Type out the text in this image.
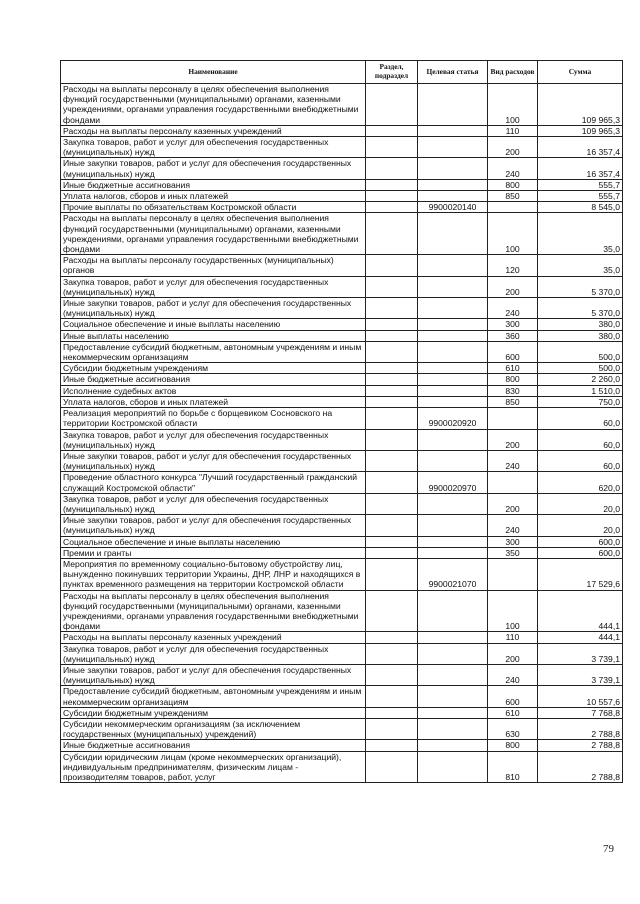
Наименование	Раздел, подраздел	Целевая статья	Вид расходов	Сумма
Расходы на выплаты персоналу в целях обеспечения выполнения функций государственными (муниципальными) органами, казенными учреждениями, органами управления государственными внебюджетными фондами			100	109 965,3
Расходы на выплаты персоналу казенных учреждений			110	109 965,3
Закупка товаров, работ и услуг для обеспечения государственных (муниципальных) нужд			200	16 357,4
Иные закупки товаров, работ и услуг для обеспечения государственных (муниципальных) нужд			240	16 357,4
Иные бюджетные ассигнования			800	555,7
Уплата налогов, сборов и иных платежей			850	555,7
Прочие выплаты по обязательствам Костромской области		9900020140		8 545,0
Расходы на выплаты персоналу в целях обеспечения выполнения функций государственными (муниципальными) органами, казенными учреждениями, органами управления государственными внебюджетными фондами			100	35,0
Расходы на выплаты персоналу государственных (муниципальных) органов			120	35,0
Закупка товаров, работ и услуг для обеспечения государственных (муниципальных) нужд			200	5 370,0
Иные закупки товаров, работ и услуг для обеспечения государственных (муниципальных) нужд			240	5 370,0
Социальное обеспечение и иные выплаты населению			300	380,0
Иные выплаты населению			360	380,0
Предоставление субсидий бюджетным, автономным учреждениям и иным некоммерческим организациям			600	500,0
Субсидии бюджетным учреждениям			610	500,0
Иные бюджетные ассигнования			800	2 260,0
Исполнение судебных актов			830	1 510,0
Уплата налогов, сборов и иных платежей			850	750,0
Реализация мероприятий по борьбе с борщевиком Сосновского на территории Костромской области		9900020920		60,0
Закупка товаров, работ и услуг для обеспечения государственных (муниципальных) нужд			200	60,0
Иные закупки товаров, работ и услуг для обеспечения государственных (муниципальных) нужд			240	60,0
Проведение областного конкурса "Лучший государственный гражданский служащий Костромской области"		9900020970		620,0
Закупка товаров, работ и услуг для обеспечения государственных (муниципальных) нужд			200	20,0
Иные закупки товаров, работ и услуг для обеспечения государственных (муниципальных) нужд			240	20,0
Социальное обеспечение и иные выплаты населению			300	600,0
Премии и гранты			350	600,0
Мероприятия по временному социально-бытовому обустройству лиц, вынужденно покинувших территории Украины, ДНР, ЛНР и находящихся в пунктах временного размещения на территории Костромской области		9900021070		17 529,6
Расходы на выплаты персоналу в целях обеспечения выполнения функций государственными (муниципальными) органами, казенными учреждениями, органами управления государственными внебюджетными фондами			100	444,1
Расходы на выплаты персоналу казенных учреждений			110	444,1
Закупка товаров, работ и услуг для обеспечения государственных (муниципальных) нужд			200	3 739,1
Иные закупки товаров, работ и услуг для обеспечения государственных (муниципальных) нужд			240	3 739,1
Предоставление субсидий бюджетным, автономным учреждениям и иным некоммерческим организациям			600	10 557,6
Субсидии бюджетным учреждениям			610	7 768,8
Субсидии некоммерческим организациям (за исключением государственных (муниципальных) учреждений)			630	2 788,8
Иные бюджетные ассигнования			800	2 788,8
Субсидии юридическим лицам (кроме некоммерческих организаций), индивидуальным предпринимателям, физическим лицам - производителям товаров, работ, услуг			810	2 788,8
79
